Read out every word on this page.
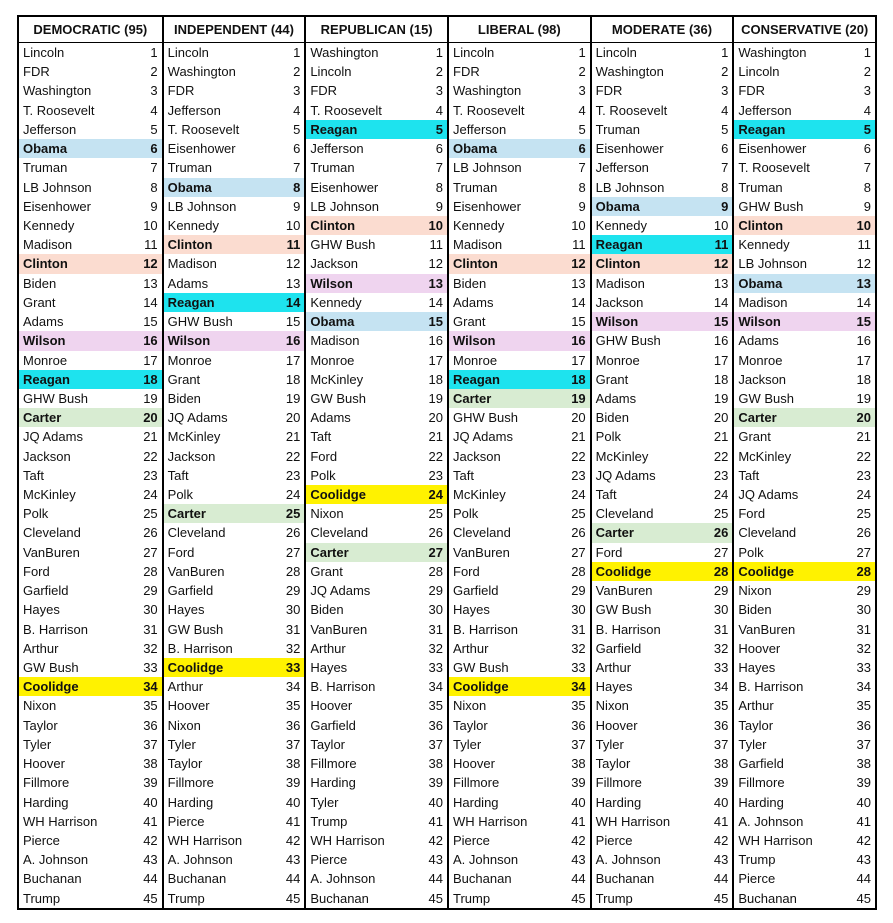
DEMOCRATIC (95)
Lincoln	1
FDR	2
Washington	3
T. Roosevelt	4
Jefferson	5
Obama	6
Truman	7
LB Johnson	8
Eisenhower	9
Kennedy	10
Madison	11
Clinton	12
Biden	13
Grant	14
Adams	15
Wilson	16
Monroe	17
Reagan	18
GHW Bush	19
Carter	20
JQ Adams	21
Jackson	22
Taft	23
McKinley	24
Polk	25
Cleveland	26
VanBuren	27
Ford	28
Garfield	29
Hayes	30
B. Harrison	31
Arthur	32
GW Bush	33
Coolidge	34
Nixon	35
Taylor	36
Tyler	37
Hoover	38
Fillmore	39
Harding	40
WH Harrison	41
Pierce	42
A. Johnson	43
Buchanan	44
Trump	45
INDEPENDENT (44)
Lincoln	1
Washington	2
FDR	3
Jefferson	4
T. Roosevelt	5
Eisenhower	6
Truman	7
Obama	8
LB Johnson	9
Kennedy	10
Clinton	11
Madison	12
Adams	13
Reagan	14
GHW Bush	15
Wilson	16
Monroe	17
Grant	18
Biden	19
JQ Adams	20
McKinley	21
Jackson	22
Taft	23
Polk	24
Carter	25
Cleveland	26
Ford	27
VanBuren	28
Garfield	29
Hayes	30
GW Bush	31
B. Harrison	32
Coolidge	33
Arthur	34
Hoover	35
Nixon	36
Tyler	37
Taylor	38
Fillmore	39
Harding	40
Pierce	41
WH Harrison	42
A. Johnson	43
Buchanan	44
Trump	45
REPUBLICAN (15)
Washington	1
Lincoln	2
FDR	3
T. Roosevelt	4
Reagan	5
Jefferson	6
Truman	7
Eisenhower	8
LB Johnson	9
Clinton	10
GHW Bush	11
Jackson	12
Wilson	13
Kennedy	14
Obama	15
Madison	16
Monroe	17
McKinley	18
GW Bush	19
Adams	20
Taft	21
Ford	22
Polk	23
Coolidge	24
Nixon	25
Cleveland	26
Carter	27
Grant	28
JQ Adams	29
Biden	30
VanBuren	31
Arthur	32
Hayes	33
B. Harrison	34
Hoover	35
Garfield	36
Taylor	37
Fillmore	38
Harding	39
Tyler	40
Trump	41
WH Harrison	42
Pierce	43
A. Johnson	44
Buchanan	45
LIBERAL (98)
Lincoln	1
FDR	2
Washington	3
T. Roosevelt	4
Jefferson	5
Obama	6
LB Johnson	7
Truman	8
Eisenhower	9
Kennedy	10
Madison	11
Clinton	12
Biden	13
Adams	14
Grant	15
Wilson	16
Monroe	17
Reagan	18
Carter	19
GHW Bush	20
JQ Adams	21
Jackson	22
Taft	23
McKinley	24
Polk	25
Cleveland	26
VanBuren	27
Ford	28
Garfield	29
Hayes	30
B. Harrison	31
Arthur	32
GW Bush	33
Coolidge	34
Nixon	35
Taylor	36
Tyler	37
Hoover	38
Fillmore	39
Harding	40
WH Harrison	41
Pierce	42
A. Johnson	43
Buchanan	44
Trump	45
MODERATE (36)
Lincoln	1
Washington	2
FDR	3
T. Roosevelt	4
Truman	5
Eisenhower	6
Jefferson	7
LB Johnson	8
Obama	9
Kennedy	10
Reagan	11
Clinton	12
Madison	13
Jackson	14
Wilson	15
GHW Bush	16
Monroe	17
Grant	18
Adams	19
Biden	20
Polk	21
McKinley	22
JQ Adams	23
Taft	24
Cleveland	25
Carter	26
Ford	27
Coolidge	28
VanBuren	29
GW Bush	30
B. Harrison	31
Garfield	32
Arthur	33
Hayes	34
Nixon	35
Hoover	36
Tyler	37
Taylor	38
Fillmore	39
Harding	40
WH Harrison	41
Pierce	42
A. Johnson	43
Buchanan	44
Trump	45
CONSERVATIVE (20)
Washington	1
Lincoln	2
FDR	3
Jefferson	4
Reagan	5
Eisenhower	6
T. Roosevelt	7
Truman	8
GHW Bush	9
Clinton	10
Kennedy	11
LB Johnson	12
Obama	13
Madison	14
Wilson	15
Adams	16
Monroe	17
Jackson	18
GW Bush	19
Carter	20
Grant	21
McKinley	22
Taft	23
JQ Adams	24
Ford	25
Cleveland	26
Polk	27
Coolidge	28
Nixon	29
Biden	30
VanBuren	31
Hoover	32
Hayes	33
B. Harrison	34
Arthur	35
Taylor	36
Tyler	37
Garfield	38
Fillmore	39
Harding	40
A. Johnson	41
WH Harrison	42
Trump	43
Pierce	44
Buchanan	45
